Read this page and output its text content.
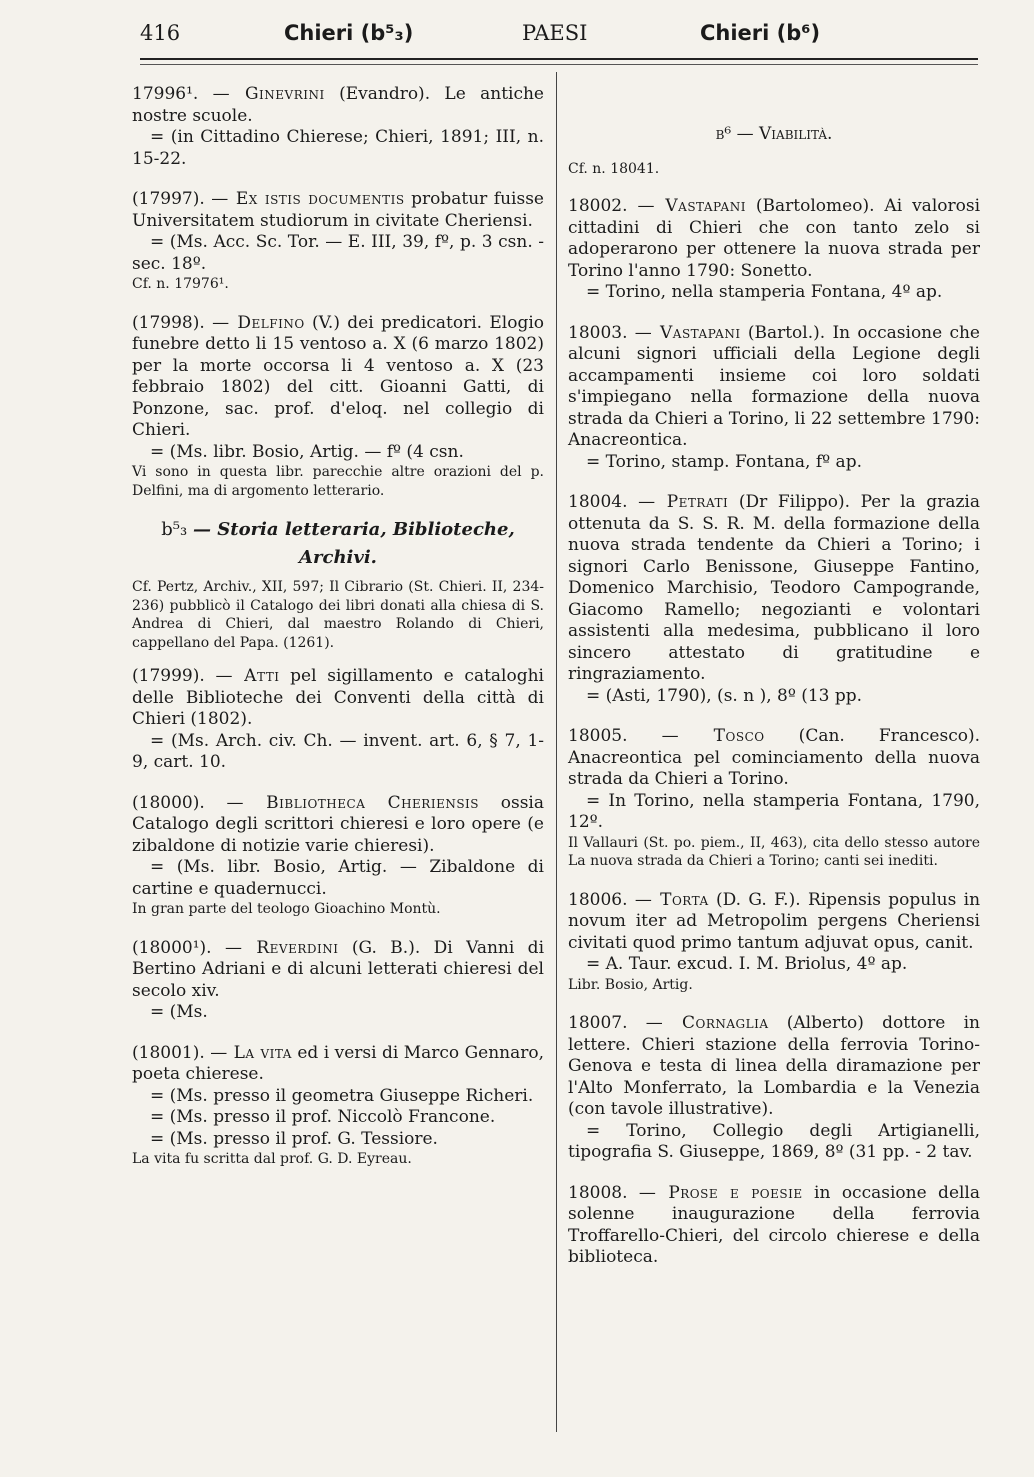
416	Chieri (b⁵₃)	PAESI	Chieri (b⁶)

17996¹. — Ginevrini (Evandro). Le antiche nostre scuole.

= (in Cittadino Chierese; Chieri, 1891; III, n. 15-22.

(17997). — Ex istis documentis probatur fuisse Universitatem studiorum in civitate Cheriensi.

= (Ms. Acc. Sc. Tor. — E. III, 39, fº, p. 3 csn. - sec. 18º.

Cf. n. 17976¹.

(17998). — Delfino (V.) dei predicatori. Elogio funebre detto li 15 ventoso a. X (6 marzo 1802) per la morte occorsa li 4 ventoso a. X (23 febbraio 1802) del citt. Gioanni Gatti, di Ponzone, sac. prof. d'eloq. nel collegio di Chieri.

= (Ms. libr. Bosio, Artig. — fº (4 csn.

Vi sono in questa libr. parecchie altre orazioni del p. Delfini, ma di argomento letterario.

b⁵₃ — Storia letteraria, Biblioteche,
Archivi.

Cf. Pertz, Archiv., XII, 597; Il Cibrario (St. Chieri. II, 234-236) pubblicò il Catalogo dei libri donati alla chiesa di S. Andrea di Chieri, dal maestro Rolando di Chieri, cappellano del Papa. (1261).

(17999). — Atti pel sigillamento e cataloghi delle Biblioteche dei Conventi della città di Chieri (1802).

= (Ms. Arch. civ. Ch. — invent. art. 6, § 7, 1-9, cart. 10.

(18000). — Bibliotheca Cheriensis ossia Catalogo degli scrittori chieresi e loro opere (e zibaldone di notizie varie chieresi).

= (Ms. libr. Bosio, Artig. — Zibaldone di cartine e quadernucci.

In gran parte del teologo Gioachino Montù.

(18000¹). — Reverdini (G. B.). Di Vanni di Bertino Adriani e di alcuni letterati chieresi del secolo xiv.

= (Ms.

(18001). — La vita ed i versi di Marco Gennaro, poeta chierese.

= (Ms. presso il geometra Giuseppe Richeri.

= (Ms. presso il prof. Niccolò Francone.

= (Ms. presso il prof. G. Tessiore.

La vita fu scritta dal prof. G. D. Eyreau.

b⁶ — Viabilità.

Cf. n. 18041.

18002. — Vastapani (Bartolomeo). Ai valorosi cittadini di Chieri che con tanto zelo si adoperarono per ottenere la nuova strada per Torino l'anno 1790: Sonetto.

= Torino, nella stamperia Fontana, 4º ap.

18003. — Vastapani (Bartol.). In occasione che alcuni signori ufficiali della Legione degli accampamenti insieme coi loro soldati s'impiegano nella formazione della nuova strada da Chieri a Torino, li 22 settembre 1790: Anacreontica.

= Torino, stamp. Fontana, fº ap.

18004. — Petrati (Dr Filippo). Per la grazia ottenuta da S. S. R. M. della formazione della nuova strada tendente da Chieri a Torino; i signori Carlo Benissone, Giuseppe Fantino, Domenico Marchisio, Teodoro Campogrande, Giacomo Ramello; negozianti e volontari assistenti alla medesima, pubblicano il loro sincero attestato di gratitudine e ringraziamento.

= (Asti, 1790), (s. n ), 8º (13 pp.

18005. — Tosco (Can. Francesco). Anacreontica pel cominciamento della nuova strada da Chieri a Torino.

= In Torino, nella stamperia Fontana, 1790, 12º.

Il Vallauri (St. po. piem., II, 463), cita dello stesso autore La nuova strada da Chieri a Torino; canti sei inediti.

18006. — Torta (D. G. F.). Ripensis populus in novum iter ad Metropolim pergens Cheriensi civitati quod primo tantum adjuvat opus, canit.

= A. Taur. excud. I. M. Briolus, 4º ap.

Libr. Bosio, Artig.

18007. — Cornaglia (Alberto) dottore in lettere. Chieri stazione della ferrovia Torino-Genova e testa di linea della diramazione per l'Alto Monferrato, la Lombardia e la Venezia (con tavole illustrative).

= Torino, Collegio degli Artigianelli, tipografia S. Giuseppe, 1869, 8º (31 pp. - 2 tav.

18008. — Prose e poesie in occasione della solenne inaugurazione della ferrovia Troffarello-Chieri, del circolo chierese e della biblioteca.
